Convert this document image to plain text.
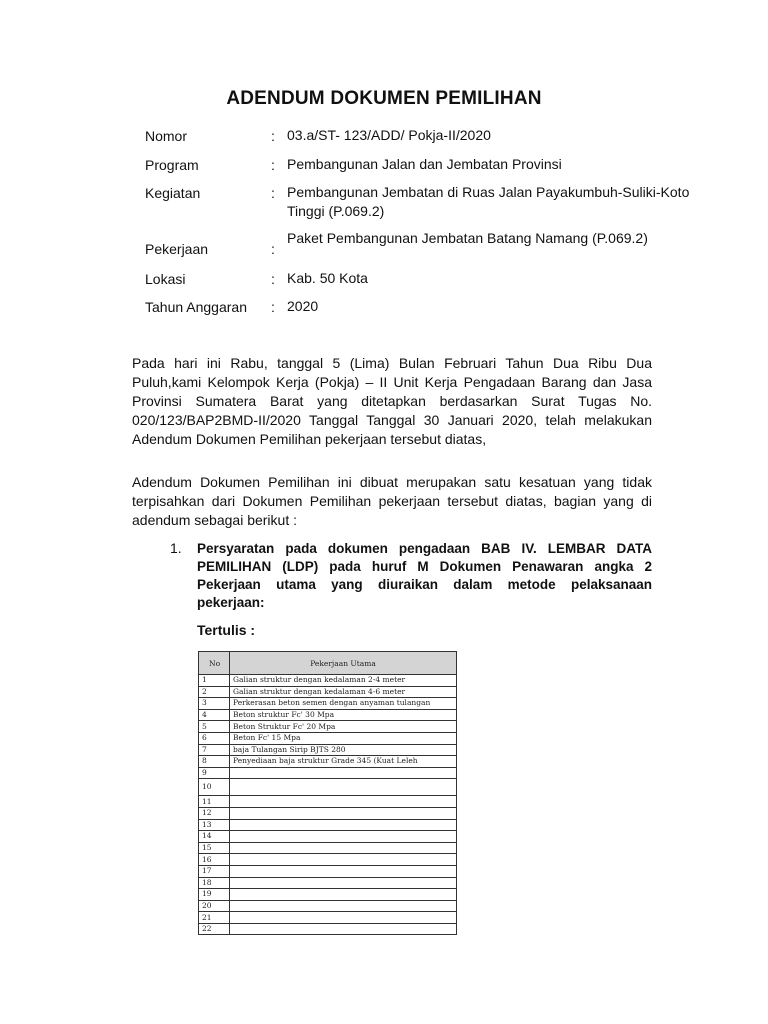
ADENDUM DOKUMEN PEMILIHAN
Nomor	: 03.a/ST- 123/ADD/ Pokja-II/2020
Program	: Pembangunan Jalan dan Jembatan Provinsi
Kegiatan	: Pembangunan Jembatan di Ruas Jalan Payakumbuh-Suliki-Koto Tinggi (P.069.2)
Pekerjaan	:
Paket Pembangunan Jembatan Batang Namang (P.069.2)
Lokasi	: Kab. 50 Kota
Tahun Anggaran : 2020

Pada hari ini Rabu, tanggal 5 (Lima) Bulan Februari Tahun Dua Ribu Dua Puluh,kami Kelompok Kerja (Pokja) – II Unit Kerja Pengadaan Barang dan Jasa Provinsi Sumatera Barat yang ditetapkan berdasarkan Surat Tugas No. 020/123/BAP2BMD-II/2020 Tanggal Tanggal 30 Januari 2020, telah melakukan Adendum Dokumen Pemilihan pekerjaan tersebut diatas,

Adendum Dokumen Pemilihan ini dibuat merupakan satu kesatuan yang tidak terpisahkan dari Dokumen Pemilihan pekerjaan tersebut diatas, bagian yang di adendum sebagai berikut :

1. Persyaratan pada dokumen pengadaan BAB IV. LEMBAR DATA PEMILIHAN (LDP) pada huruf M Dokumen Penawaran angka 2 Pekerjaan utama yang diuraikan dalam metode pelaksanaan pekerjaan:
Tertulis :
No	Pekerjaan Utama
1	Galian struktur dengan kedalaman 2-4 meter
2	Galian struktur dengan kedalaman 4-6 meter
3	Perkerasan beton semen dengan anyaman tulangan
4	Beton struktur Fc' 30 Mpa
5	Beton Struktur Fc' 20 Mpa
6	Beton Fc' 15 Mpa
7	baja Tulangan Sirip BJTS 280
8	Penyediaan baja struktur Grade 345 (Kuat Leleh
9	
10	
11	
12	
13	
14	
15	
16	
17	
18	
19	
20	
21	
22	
